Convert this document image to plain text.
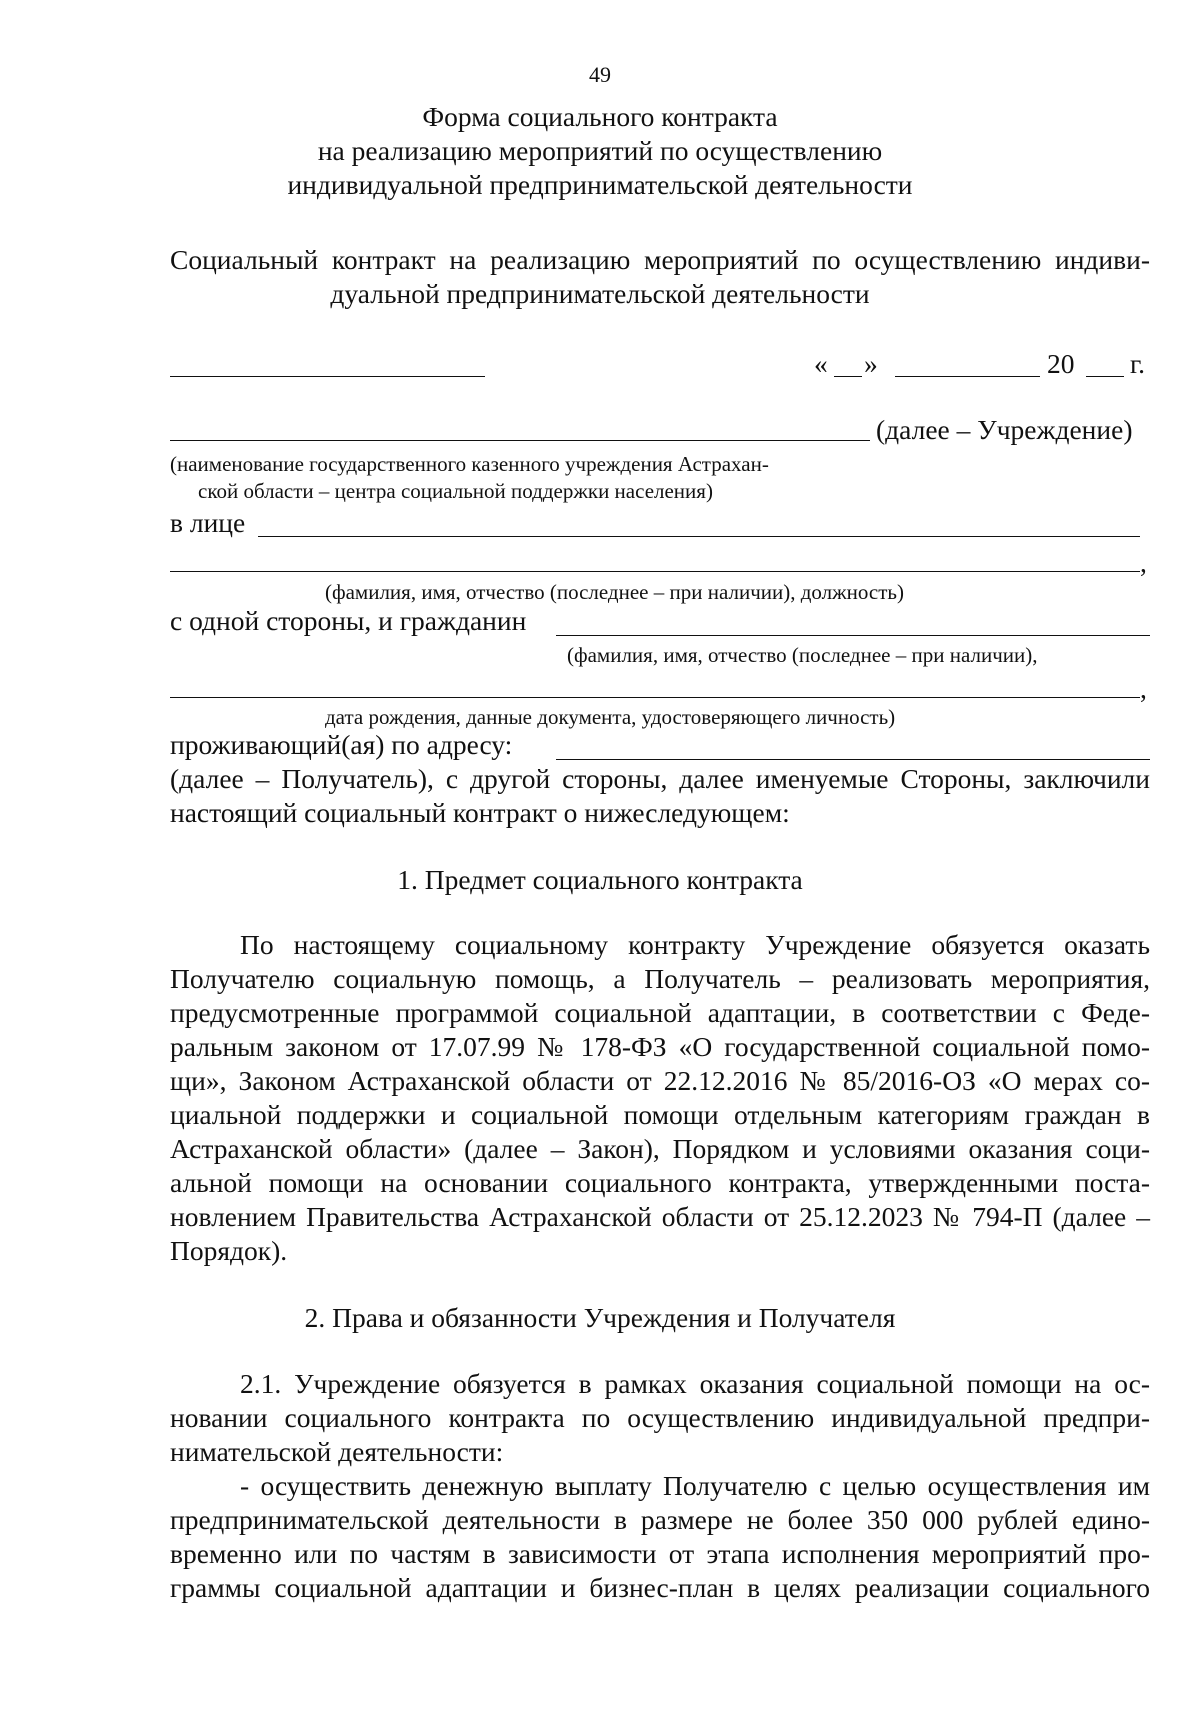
49
Форма социального контракта
на реализацию мероприятий по осуществлению
индивидуальной предпринимательской деятельности
Социальный контракт на реализацию мероприятий по осуществлению индиви-
дуальной предпринимательской деятельности
« »	20 г.
(далее – Учреждение)
(наименование государственного казенного учреждения Астрахан-
ской области – центра социальной поддержки населения)
в лице
,
(фамилия, имя, отчество (последнее – при наличии), должность)
с одной стороны, и гражданин
(фамилия, имя, отчество (последнее – при наличии),
,
дата рождения, данные документа, удостоверяющего личность)
проживающий(ая) по адресу:
(далее – Получатель), с другой стороны, далее именуемые Стороны, заключили
настоящий социальный контракт о нижеследующем:
1. Предмет социального контракта
По настоящему социальному контракту Учреждение обязуется оказать
Получателю социальную помощь, а Получатель – реализовать мероприятия,
предусмотренные программой социальной адаптации, в соответствии с Феде-
ральным законом от 17.07.99 № 178-ФЗ «О государственной социальной помо-
щи», Законом Астраханской области от 22.12.2016 № 85/2016-ОЗ «О мерах со-
циальной поддержки и социальной помощи отдельным категориям граждан в
Астраханской области» (далее – Закон), Порядком и условиями оказания соци-
альной помощи на основании социального контракта, утвержденными поста-
новлением Правительства Астраханской области от 25.12.2023 № 794-П (далее –
Порядок).
2. Права и обязанности Учреждения и Получателя
2.1. Учреждение обязуется в рамках оказания социальной помощи на ос-
новании социального контракта по осуществлению индивидуальной предпри-
нимательской деятельности:
- осуществить денежную выплату Получателю с целью осуществления им
предпринимательской деятельности в размере не более 350 000 рублей едино-
временно или по частям в зависимости от этапа исполнения мероприятий про-
граммы социальной адаптации и бизнес-план в целях реализации социального
